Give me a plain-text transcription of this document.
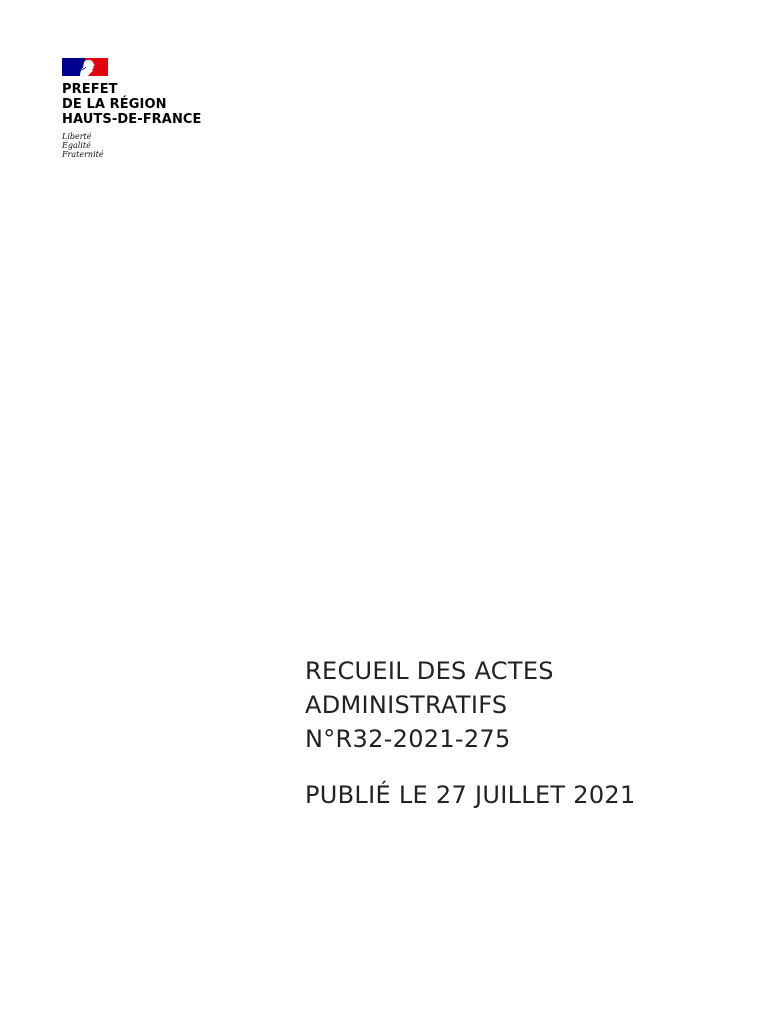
PREFET
DE LA RÉGION
HAUTS-DE-FRANCE
Liberté
Égalité
Fraternité
RECUEIL DES ACTES
ADMINISTRATIFS
N°R32-2021-275
PUBLIÉ LE 27 JUILLET 2021
